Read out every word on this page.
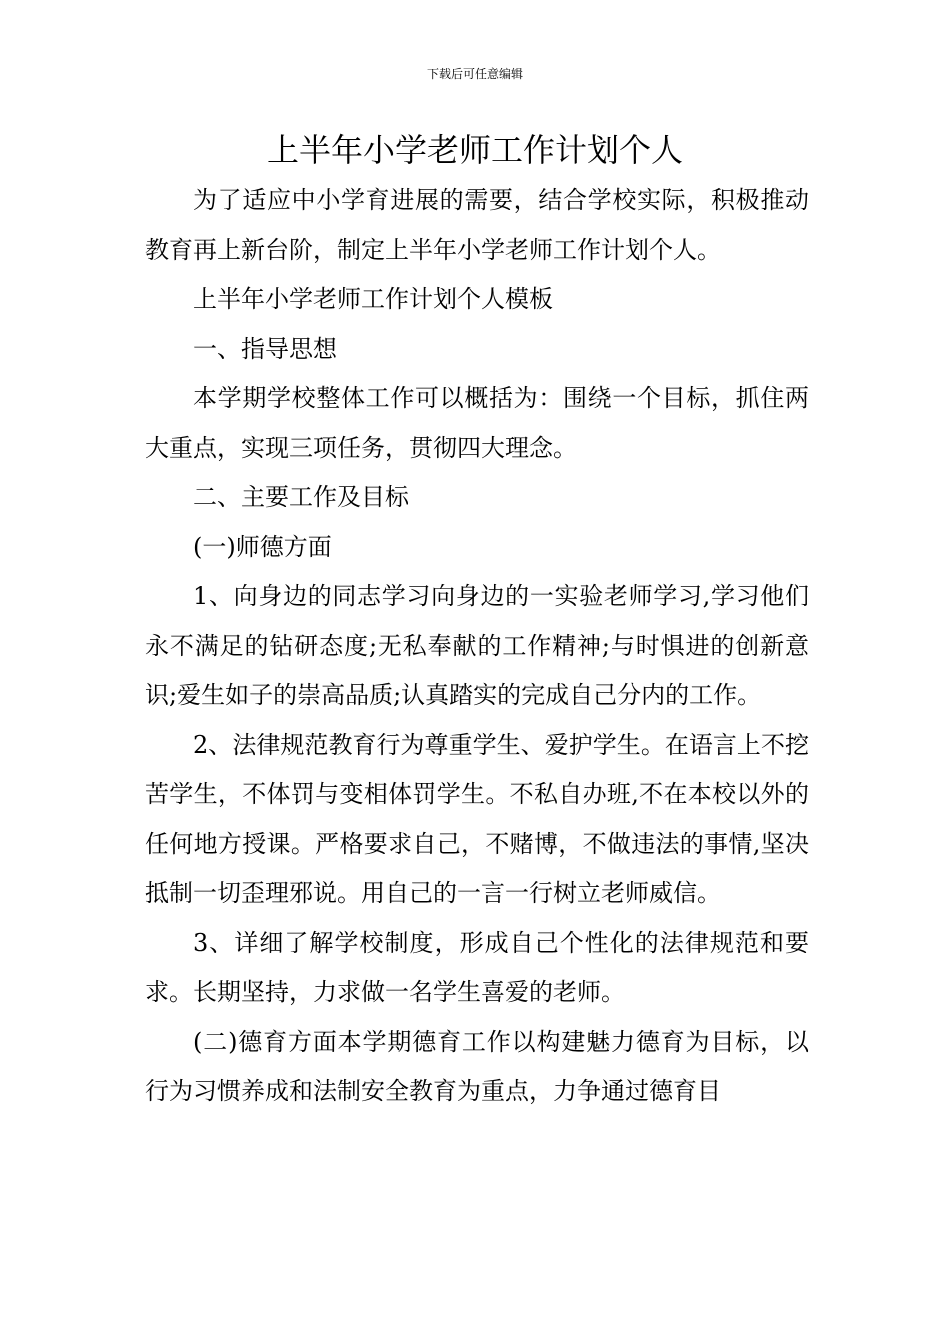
下载后可任意编辑
上半年小学老师工作计划个人

为了适应中小学育进展的需要，结合学校实际，积极推动教育再上新台阶，制定上半年小学老师工作计划个人。

上半年小学老师工作计划个人模板

一、指导思想

本学期学校整体工作可以概括为：围绕一个目标，抓住两大重点，实现三项任务，贯彻四大理念。

二、主要工作及目标

(一)师德方面

1、向身边的同志学习向身边的一实验老师学习,学习他们永不满足的钻研态度;无私奉献的工作精神;与时惧进的创新意识;爱生如子的崇高品质;认真踏实的完成自己分内的工作。

2、法律规范教育行为尊重学生、爱护学生。在语言上不挖苦学生，不体罚与变相体罚学生。不私自办班,不在本校以外的任何地方授课。严格要求自己，不赌博，不做违法的事情,坚决抵制一切歪理邪说。用自己的一言一行树立老师威信。

3、详细了解学校制度，形成自己个性化的法律规范和要求。长期坚持，力求做一名学生喜爱的老师。

(二)德育方面本学期德育工作以构建魅力德育为目标，以行为习惯养成和法制安全教育为重点，力争通过德育目
